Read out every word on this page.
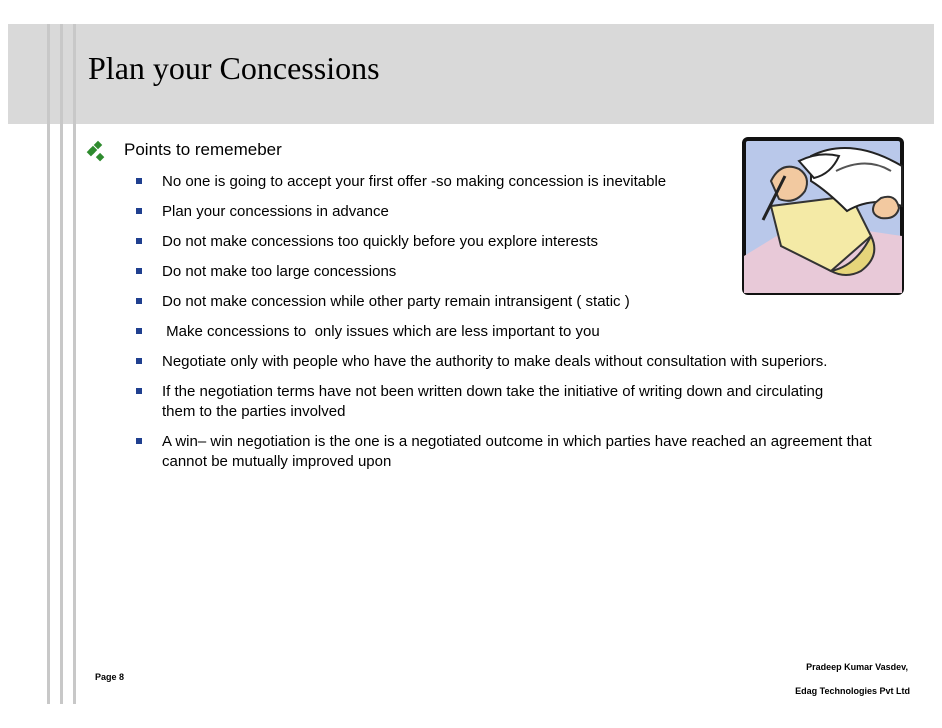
Plan your Concessions
Points to rememeber
No one is going to accept your first offer -so making concession is inevitable
Plan your concessions in advance
Do not make concessions too quickly before you explore interests
Do not make too large concessions
Do not make concession while other party remain intransigent ( static )
Make concessions to  only issues which are less important to you
Negotiate only with people who have the authority to make deals without consultation with superiors.
If the negotiation terms have not been written down take the initiative of writing down and circulating them to the parties involved
A win– win negotiation is the one is a negotiated outcome in which parties have reached an agreement that cannot be mutually improved upon
Page 8
Pradeep Kumar Vasdev,
Edag Technologies Pvt Ltd
